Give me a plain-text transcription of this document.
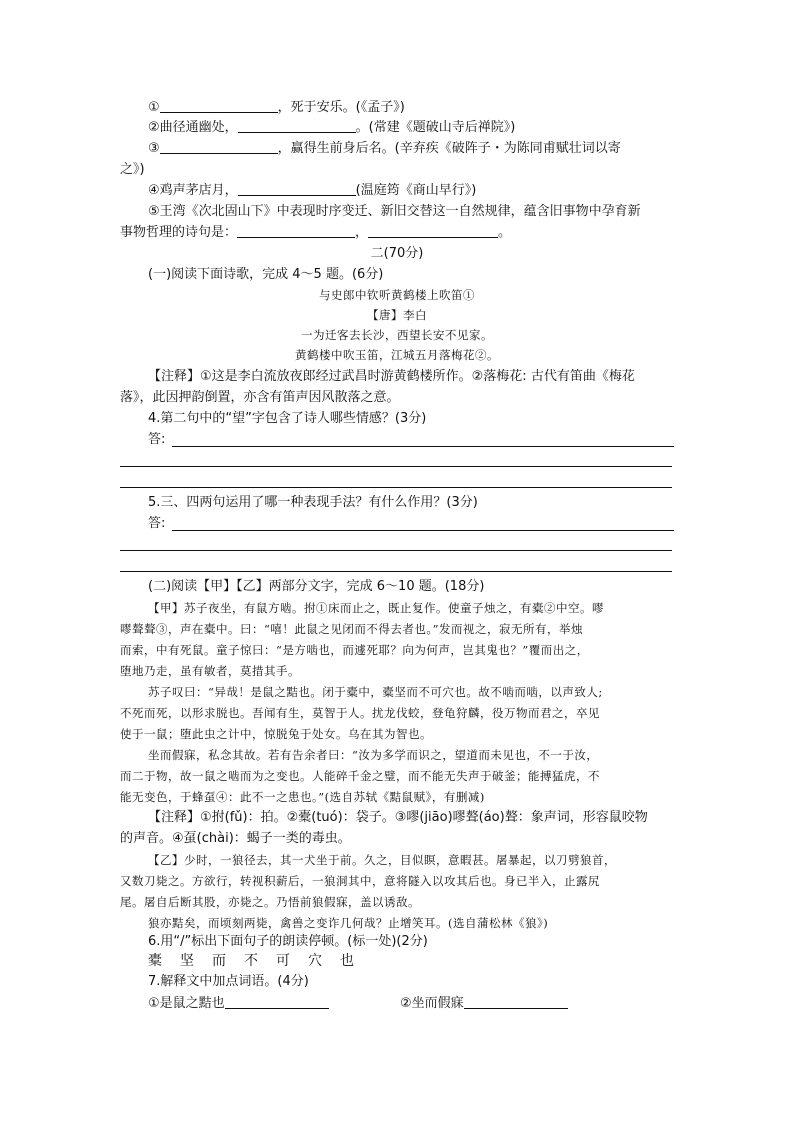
①	，死于安乐。(《孟子》)
②曲径通幽处，	。(常建《题破山寺后禅院》)
③	，赢得生前身后名。(辛弃疾《破阵子・为陈同甫赋壮词以寄
之》)
④鸡声茅店月，	(温庭筠《商山早行》)
⑤王湾《次北固山下》中表现时序变迁、新旧交替这一自然规律，蕴含旧事物中孕育新
事物哲理的诗句是：	，	。
二(70分)
(一)阅读下面诗歌，完成 4～5 题。(6分)
与史郎中钦听黄鹤楼上吹笛①
【唐】李白
一为迁客去长沙，西望长安不见家。
黄鹤楼中吹玉笛，江城五月落梅花②。
【注释】①这是李白流放夜郎经过武昌时游黄鹤楼所作。②落梅花: 古代有笛曲《梅花
落》，此因押韵倒置，亦含有笛声因风散落之意。
4.第二句中的“望”字包含了诗人哪些情感？(3分)
答:
5.三、四两句运用了哪一种表现手法？有什么作用？(3分)
答:
(二)阅读【甲】【乙】两部分文字，完成 6～10 题。(18分)
【甲】苏子夜坐，有鼠方啮。拊①床而止之，既止复作。使童子烛之，有橐②中空。嘐
嘐聱聱③，声在橐中。曰：“嘻！此鼠之见闭而不得去者也。”发而视之，寂无所有，举烛
而索，中有死鼠。童子惊曰：“是方啮也，而遽死耶？向为何声，岂其鬼也？”覆而出之，
堕地乃走，虽有敏者，莫措其手。
苏子叹曰：“异哉！是鼠之黠也。闭于橐中，橐坚而不可穴也。故不啮而啮，以声致人;
不死而死，以形求脱也。吾闻有生，莫智于人。扰龙伐蛟，登龟狩麟，役万物而君之，卒见
使于一鼠；堕此虫之计中，惊脱兔于处女。乌在其为智也。
坐而假寐，私念其故。若有告余者曰：“汝为多学而识之，望道而未见也，不一于汝，
而二于物，故一鼠之啮而为之变也。人能碎千金之璧，而不能无失声于破釜；能搏猛虎，不
能无变色，于蜂虿④：此不一之患也。”(选自苏轼《黠鼠赋》，有删减)
【注释】①拊(fǔ)：拍。②橐(tuó)：袋子。③嘐(jiāo)嘐聱(áo)聱：象声词，形容鼠咬物
的声音。④虿(chài)：蝎子一类的毒虫。
【乙】少时，一狼径去，其一犬坐于前。久之，目似瞑，意暇甚。屠暴起，以刀劈狼首，
又数刀毙之。方欲行，转视积薪后，一狼洞其中，意将隧入以攻其后也。身已半入，止露尻
尾。屠自后断其股，亦毙之。乃悟前狼假寐，盖以诱敌。
狼亦黠矣，而顷刻两毙，禽兽之变诈几何哉？止增笑耳。(选自蒲松林《狼》)
6.用“/”标出下面句子的朗读停顿。(标一处)(2分)
橐坚而不可穴也
7.解释文中加点词语。(4分)
①是鼠之黠也	②坐而假寐
